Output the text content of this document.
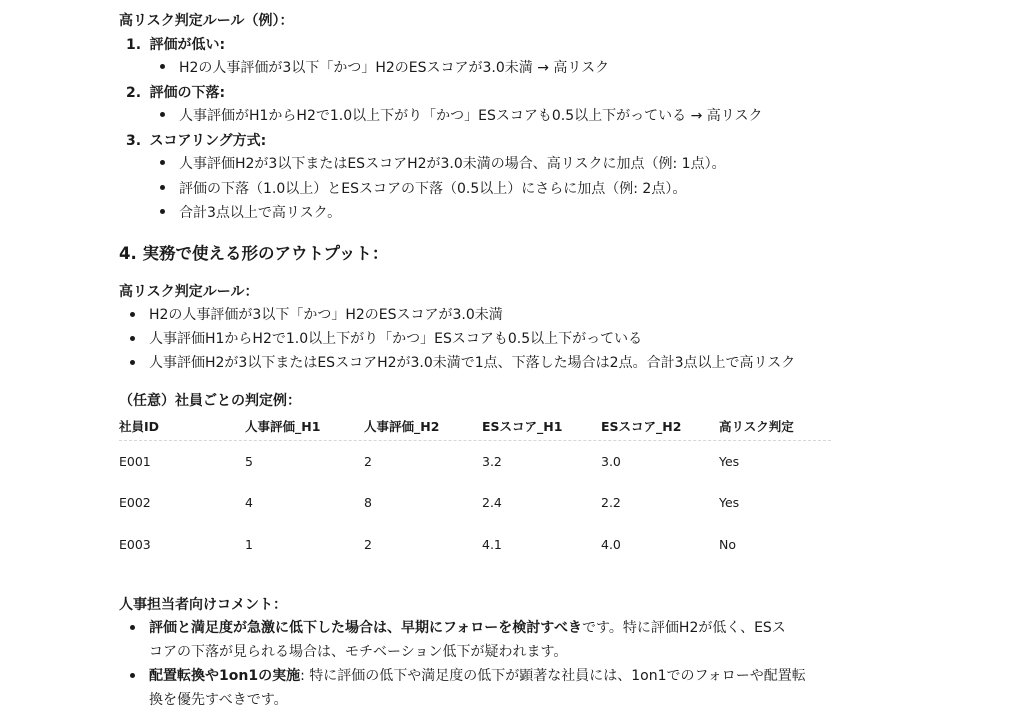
高リスク判定ルール（例）：
1. 評価が低い:
H2の人事評価が3以下「かつ」H2のESスコアが3.0未満 → 高リスク
2. 評価の下落:
人事評価がH1からH2で1.0以上下がり「かつ」ESスコアも0.5以上下がっている → 高リスク
3. スコアリング方式:
人事評価H2が3以下またはESスコアH2が3.0未満の場合、高リスクに加点（例: 1点）。
評価の下落（1.0以上）とESスコアの下落（0.5以上）にさらに加点（例: 2点）。
合計3点以上で高リスク。
4. 実務で使える形のアウトプット：
高リスク判定ルール：
H2の人事評価が3以下「かつ」H2のESスコアが3.0未満
人事評価H1からH2で1.0以上下がり「かつ」ESスコアも0.5以上下がっている
人事評価H2が3以下またはESスコアH2が3.0未満で1点、下落した場合は2点。合計3点以上で高リスク
（任意）社員ごとの判定例：
社員ID	人事評価_H1	人事評価_H2	ESスコア_H1	ESスコア_H2	高リスク判定
E001	5	2	3.2	3.0	Yes
E002	4	8	2.4	2.2	Yes
E003	1	2	4.1	4.0	No
人事担当者向けコメント：
評価と満足度が急激に低下した場合は、早期にフォローを検討すべきです。特に評価H2が低く、ESス
コアの下落が見られる場合は、モチベーション低下が疑われます。
配置転換や1on1の実施: 特に評価の低下や満足度の低下が顕著な社員には、1on1でのフォローや配置転
換を優先すべきです。
